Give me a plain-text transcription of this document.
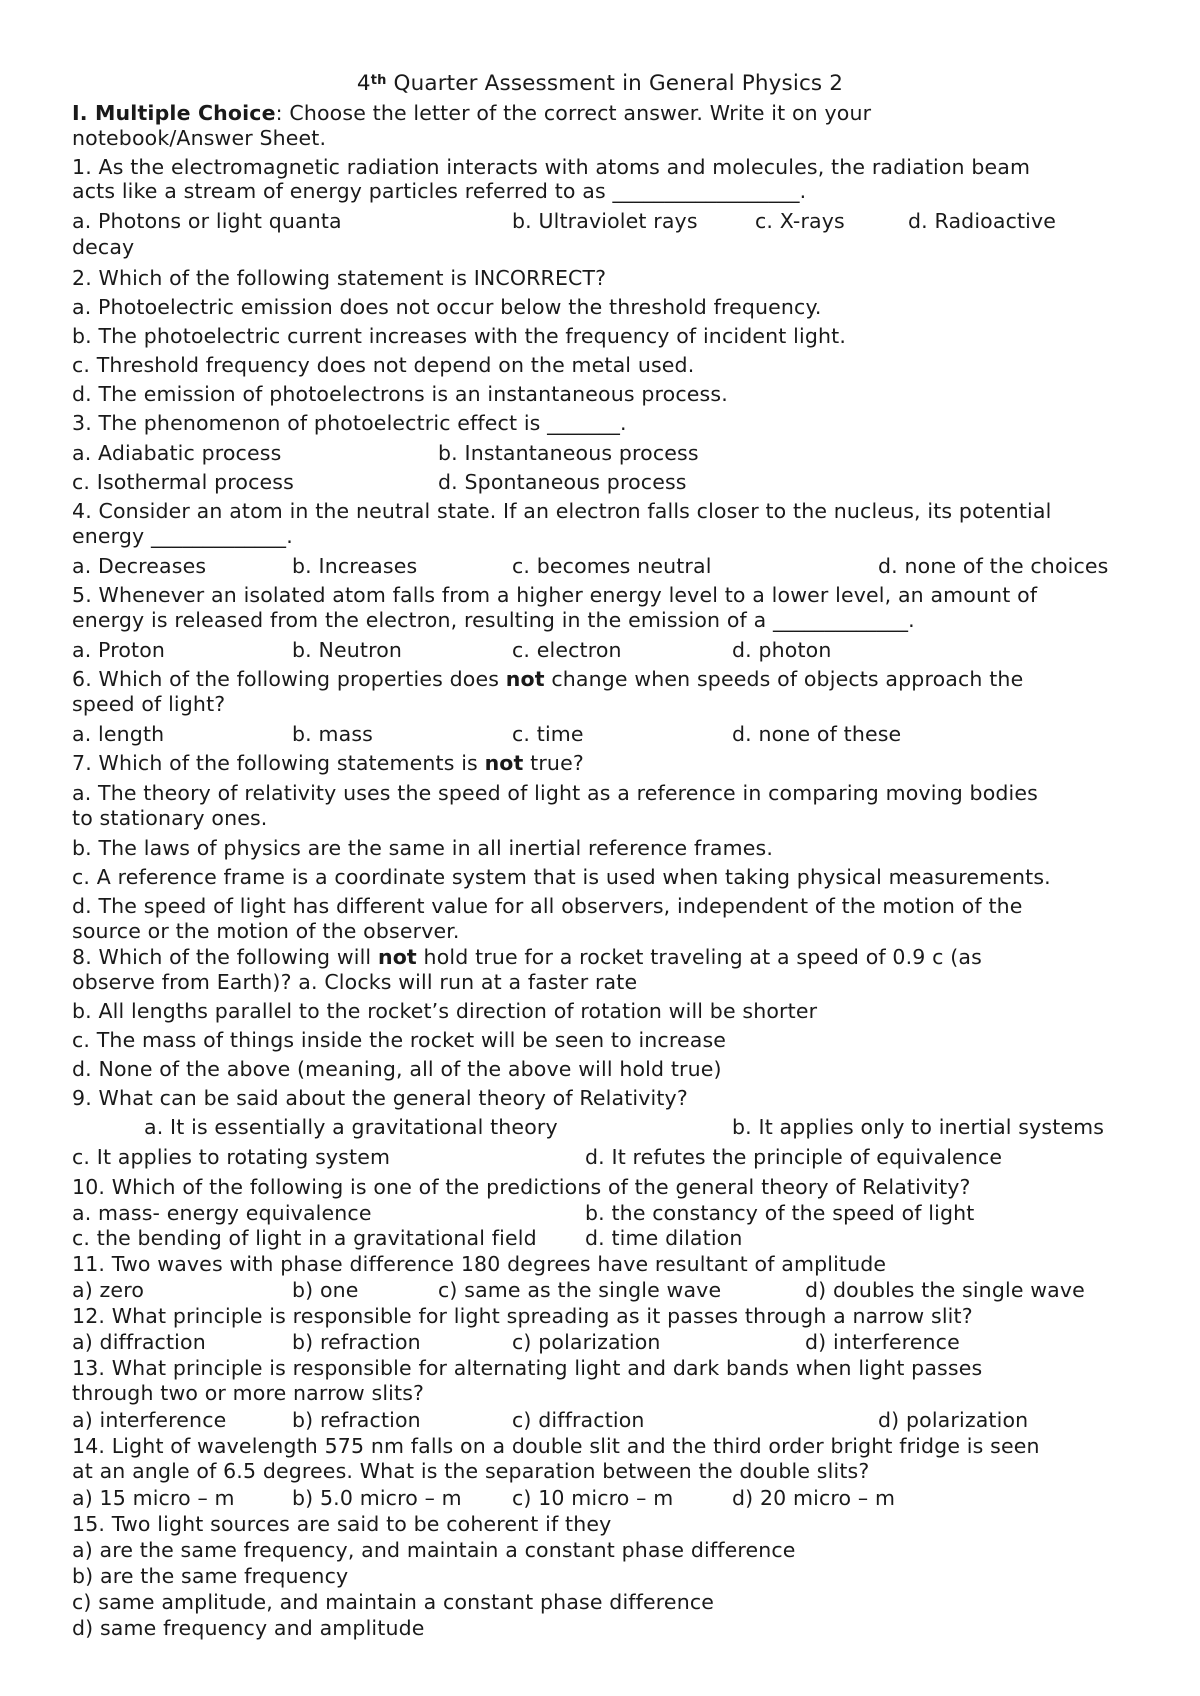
4th Quarter Assessment in General Physics 2
I. Multiple Choice: Choose the letter of the correct answer. Write it on your
notebook/Answer Sheet.
1. As the electromagnetic radiation interacts with atoms and molecules, the radiation beam
acts like a stream of energy particles referred to as __________________.
a. Photons or light quanta	b. Ultraviolet rays	c. X-rays	d. Radioactive
decay
2. Which of the following statement is INCORRECT?
a. Photoelectric emission does not occur below the threshold frequency.
b. The photoelectric current increases with the frequency of incident light.
c. Threshold frequency does not depend on the metal used.
d. The emission of photoelectrons is an instantaneous process.
3. The phenomenon of photoelectric effect is _______.
a. Adiabatic process	b. Instantaneous process
c. Isothermal process	d. Spontaneous process
4. Consider an atom in the neutral state. If an electron falls closer to the nucleus, its potential
energy _____________.
a. Decreases	b. Increases	c. becomes neutral	d. none of the choices
5. Whenever an isolated atom falls from a higher energy level to a lower level, an amount of
energy is released from the electron, resulting in the emission of a _____________.
a. Proton	b. Neutron	c. electron	d. photon
6. Which of the following properties does not change when speeds of objects approach the
speed of light?
a. length	b. mass	c. time	d. none of these
7. Which of the following statements is not true?
a. The theory of relativity uses the speed of light as a reference in comparing moving bodies
to stationary ones.
b. The laws of physics are the same in all inertial reference frames.
c. A reference frame is a coordinate system that is used when taking physical measurements.
d. The speed of light has different value for all observers, independent of the motion of the
source or the motion of the observer.
8. Which of the following will not hold true for a rocket traveling at a speed of 0.9 c (as
observe from Earth)? a. Clocks will run at a faster rate
b. All lengths parallel to the rocket’s direction of rotation will be shorter
c. The mass of things inside the rocket will be seen to increase
d. None of the above (meaning, all of the above will hold true)
9. What can be said about the general theory of Relativity?
a. It is essentially a gravitational theory	b. It applies only to inertial systems
c. It applies to rotating system	d. It refutes the principle of equivalence
10. Which of the following is one of the predictions of the general theory of Relativity?
a. mass- energy equivalence	b. the constancy of the speed of light
c. the bending of light in a gravitational field d. time dilation
11. Two waves with phase difference 180 degrees have resultant of amplitude
a) zero	b) one	c) same as the single wave	d) doubles the single wave
12. What principle is responsible for light spreading as it passes through a narrow slit?
a) diffraction	b) refraction	c) polarization	d) interference
13. What principle is responsible for alternating light and dark bands when light passes
through two or more narrow slits?
a) interference	b) refraction	c) diffraction	d) polarization
14. Light of wavelength 575 nm falls on a double slit and the third order bright fridge is seen
at an angle of 6.5 degrees. What is the separation between the double slits?
a) 15 micro – m	b) 5.0 micro – m c) 10 micro – m	d) 20 micro – m
15. Two light sources are said to be coherent if they
a) are the same frequency, and maintain a constant phase difference
b) are the same frequency
c) same amplitude, and maintain a constant phase difference
d) same frequency and amplitude
